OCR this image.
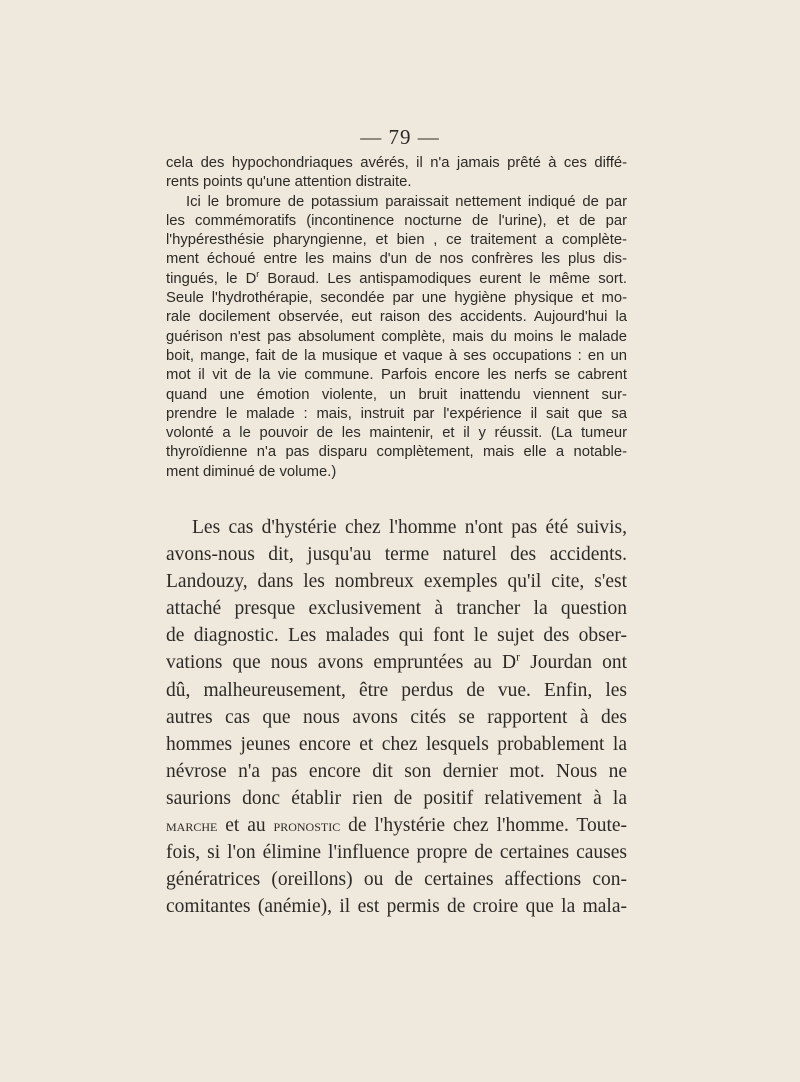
— 79 —
cela des hypochondriaques avérés, il n'a jamais prêté à ces diffé-
rents points qu'une attention distraite.
Ici le bromure de potassium paraissait nettement indiqué de par
les commémoratifs (incontinence nocturne de l'urine), et de par
l'hypéresthésie pharyngienne, et bien , ce traitement a complète-
ment échoué entre les mains d'un de nos confrères les plus dis-
tingués, le $D^r$ Boraud. Les antispamodiques eurent le même sort.
Seule l'hydrothérapie, secondée par une hygiène physique et mo-
rale docilement observée, eut raison des accidents. Aujourd'hui la
guérison n'est pas absolument complète, mais du moins le malade
boit, mange, fait de la musique et vaque à ses occupations : en un
mot il vit de la vie commune. Parfois encore les nerfs se cabrent
quand une émotion violente, un bruit inattendu viennent sur-
prendre le malade : mais, instruit par l'expérience il sait que sa
volonté a le pouvoir de les maintenir, et il y réussit. (La tumeur
thyroïdienne n'a pas disparu complètement, mais elle a notable-
ment diminué de volume.)
Les cas d'hystérie chez l'homme n'ont pas été suivis,
avons-nous dit, jusqu'au terme naturel des accidents.
Landouzy, dans les nombreux exemples qu'il cite, s'est
attaché presque exclusivement à trancher la question
de diagnostic. Les malades qui font le sujet des obser-
vations que nous avons empruntées au $D^r$ Jourdan ont
dû, malheureusement, être perdus de vue. Enfin, les
autres cas que nous avons cités se rapportent à des
hommes jeunes encore et chez lesquels probablement la
névrose n'a pas encore dit son dernier mot. Nous ne
saurions donc établir rien de positif relativement à la
marche et au pronostic de l'hystérie chez l'homme. Toute-
fois, si l'on élimine l'influence propre de certaines causes
génératrices (oreillons) ou de certaines affections con-
comitantes (anémie), il est permis de croire que la mala-
